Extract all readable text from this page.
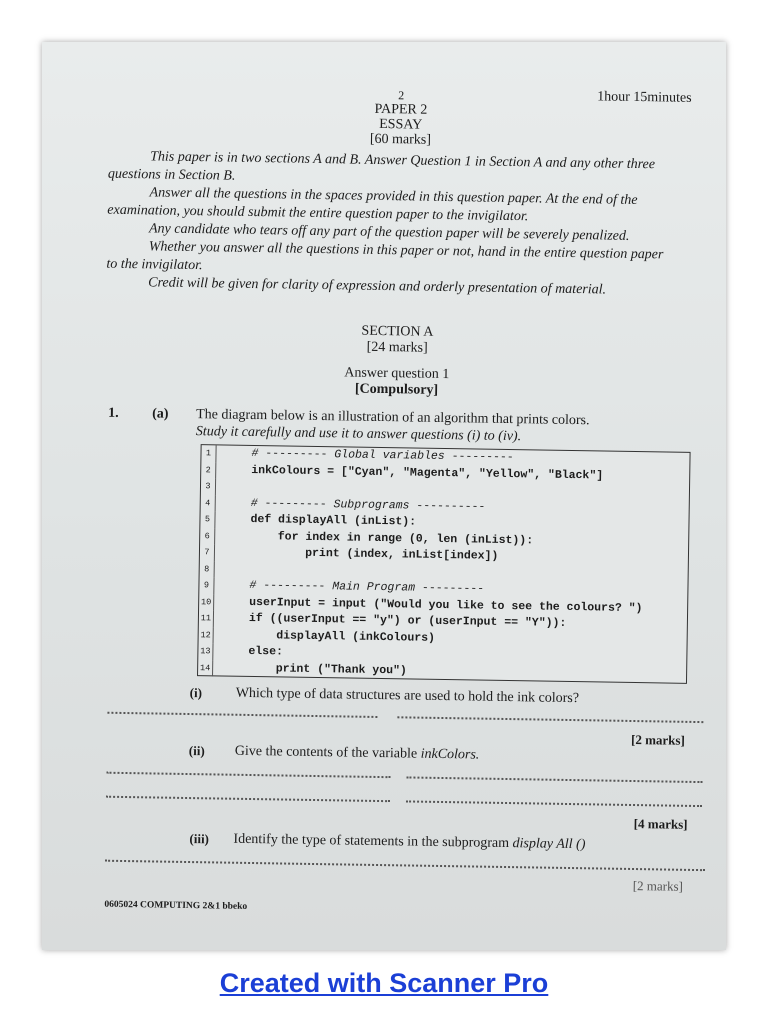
2
PAPER 2
ESSAY
[60 marks]
1hour 15minutes
This paper is in two sections A and B. Answer Question 1 in Section A and any other three
questions in Section B.
Answer all the questions in the spaces provided in this question paper. At the end of the
examination, you should submit the entire question paper to the invigilator.
Any candidate who tears off any part of the question paper will be severely penalized.
Whether you answer all the questions in this paper or not, hand in the entire question paper
to the invigilator.
Credit will be given for clarity of expression and orderly presentation of material.
SECTION A
[24 marks]
Answer question 1
[Compulsory]
1. (a) The diagram below is an illustration of an algorithm that prints colors.
Study it carefully and use it to answer questions (i) to (iv).
1	# --------- Global variables ---------
2	inkColours = ["Cyan", "Magenta", "Yellow", "Black"]
3
4	# --------- Subprograms ----------
5	def displayAll (inList):
6	for index in range (0, len (inList)):
7	print (index, inList[index])
8
9	# --------- Main Program ---------
10	userInput = input ("Would you like to see the colours? ")
11	if ((userInput == "y") or (userInput == "Y")):
12	displayAll (inkColours)
13	else:
14	print ("Thank you")
(i) Which type of data structures are used to hold the ink colors?
[2 marks]
(ii) Give the contents of the variable inkColors.
[4 marks]
(iii) Identify the type of statements in the subprogram display All ()
[2 marks]
0605024 COMPUTING 2&1 bbeko
Created with Scanner Pro
